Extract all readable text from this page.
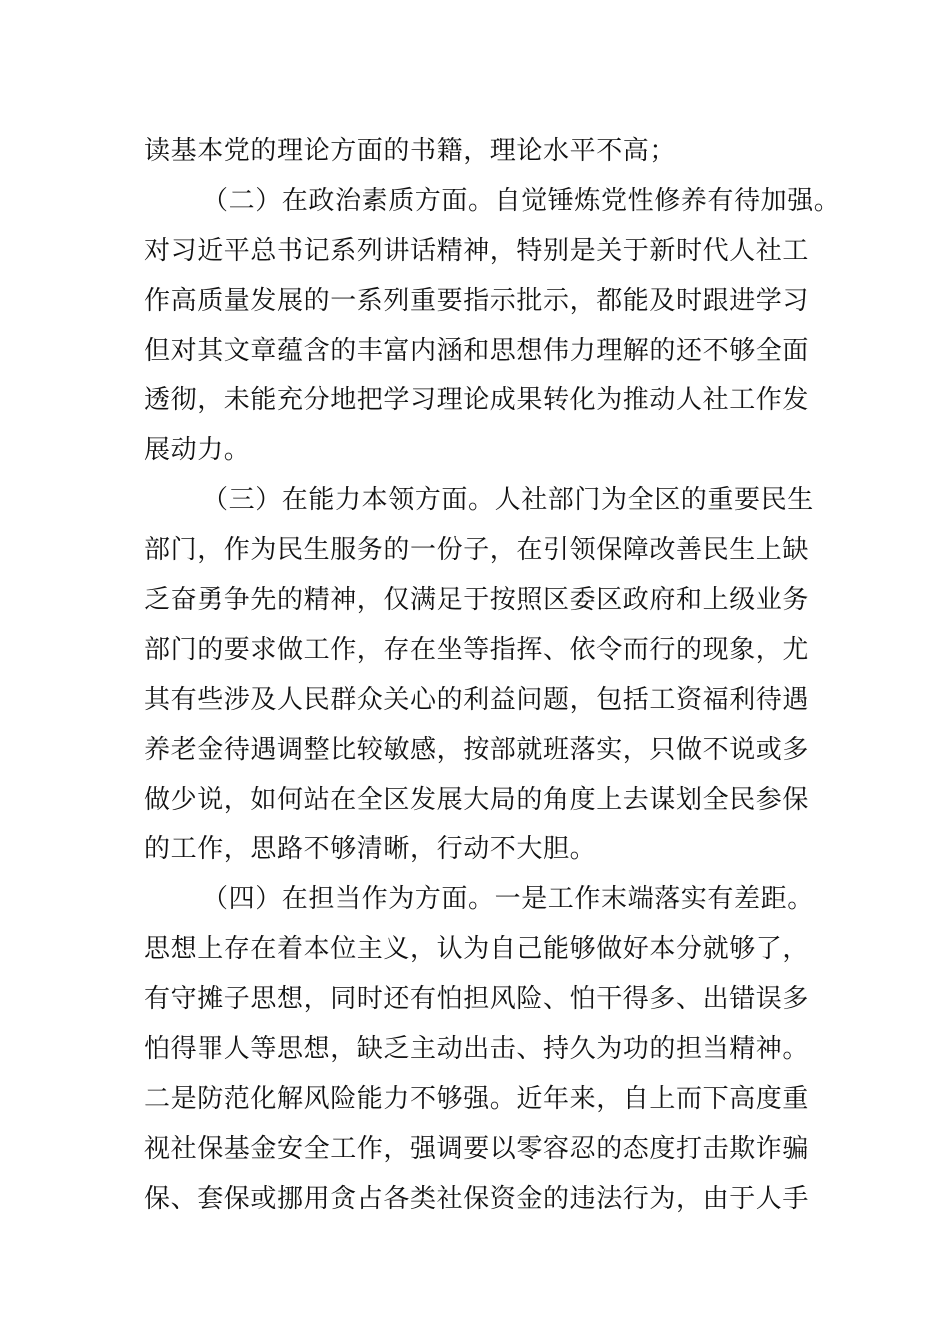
读基本党的理论方面的书籍，理论水平不高；
（二）在政治素质方面。自觉锤炼党性修养有待加强。
对习近平总书记系列讲话精神，特别是关于新时代人社工
作高质量发展的一系列重要指示批示，都能及时跟进学习
但对其文章蕴含的丰富内涵和思想伟力理解的还不够全面
透彻，未能充分地把学习理论成果转化为推动人社工作发
展动力。
（三）在能力本领方面。人社部门为全区的重要民生
部门，作为民生服务的一份子，在引领保障改善民生上缺
乏奋勇争先的精神，仅满足于按照区委区政府和上级业务
部门的要求做工作，存在坐等指挥、依令而行的现象，尤
其有些涉及人民群众关心的利益问题，包括工资福利待遇
养老金待遇调整比较敏感，按部就班落实，只做不说或多
做少说，如何站在全区发展大局的角度上去谋划全民参保
的工作，思路不够清晰，行动不大胆。
（四）在担当作为方面。一是工作末端落实有差距。
思想上存在着本位主义，认为自己能够做好本分就够了，
有守摊子思想，同时还有怕担风险、怕干得多、出错误多
怕得罪人等思想，缺乏主动出击、持久为功的担当精神。
二是防范化解风险能力不够强。近年来，自上而下高度重
视社保基金安全工作，强调要以零容忍的态度打击欺诈骗
保、套保或挪用贪占各类社保资金的违法行为，由于人手
